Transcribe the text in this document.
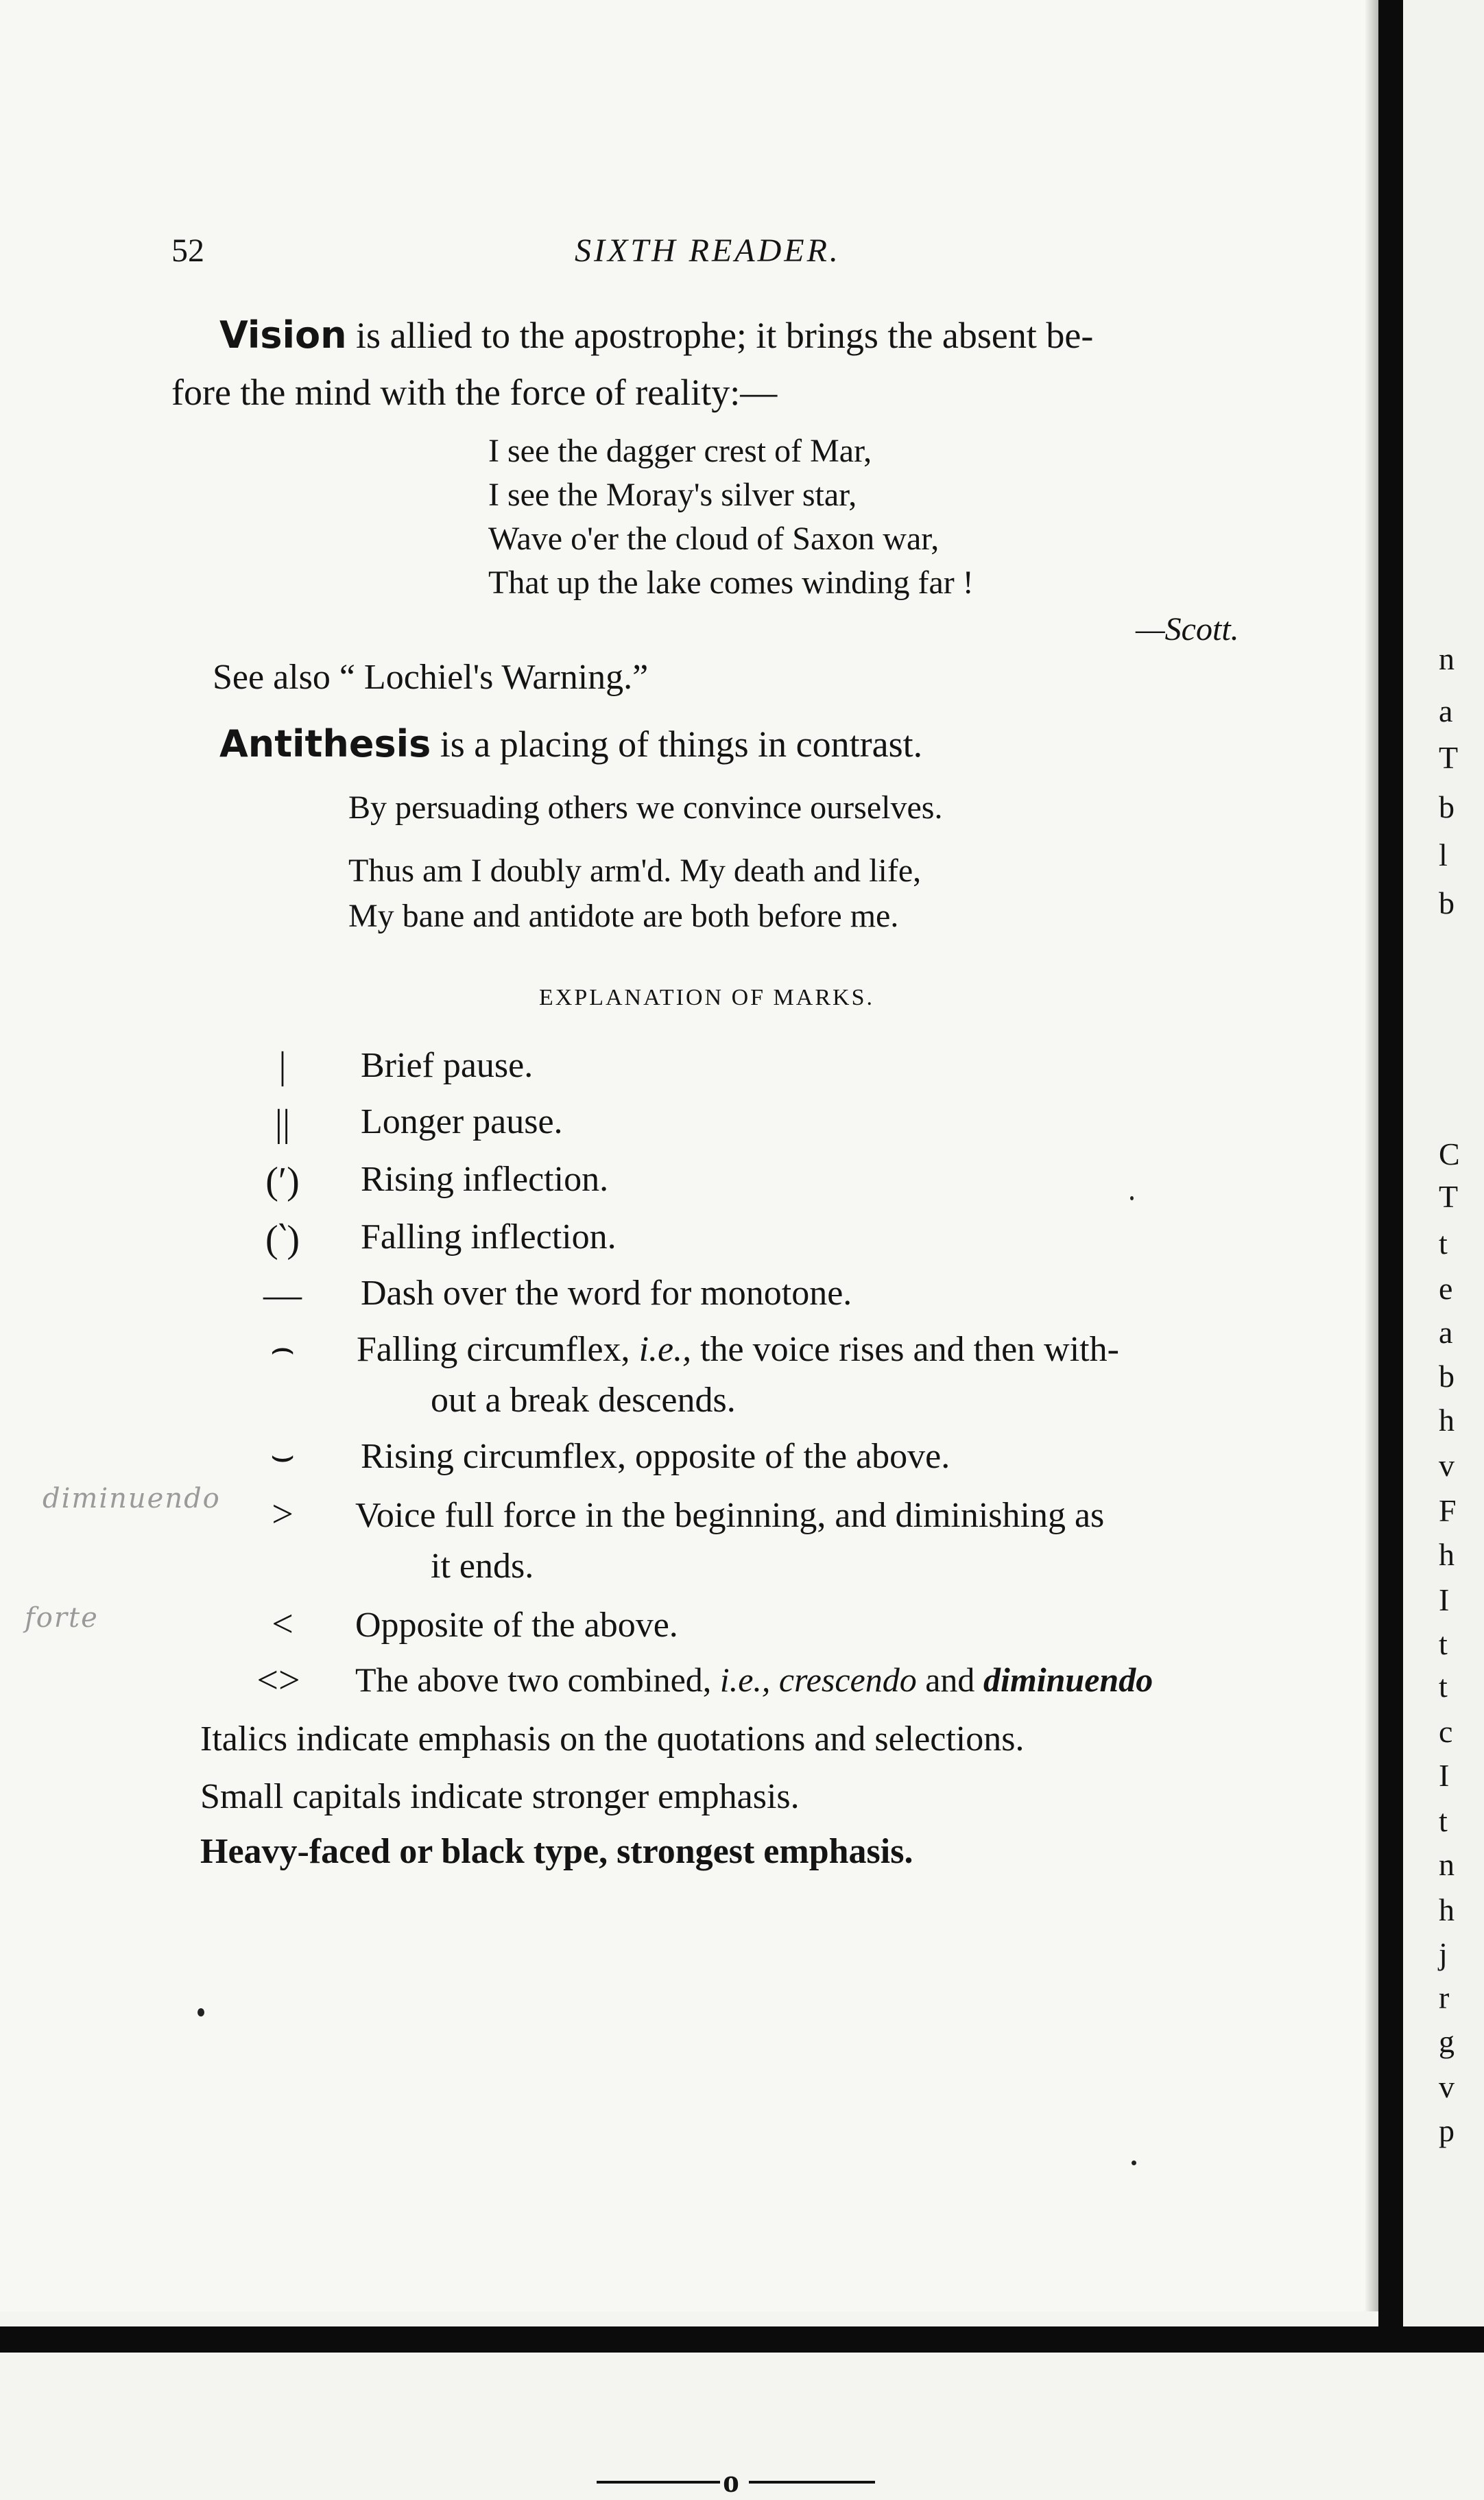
52	SIXTH READER.
Vision is allied to the apostrophe; it brings the absent be-
fore the mind with the force of reality:—
I see the dagger crest of Mar,
I see the Moray's silver star,
Wave o'er the cloud of Saxon war,
That up the lake comes winding far !
—Scott.
See also “ Lochiel's Warning.”
Antithesis is a placing of things in contrast.
By persuading others we convince ourselves.
Thus am I doubly arm'd. My death and life,
My bane and antidote are both before me.
EXPLANATION OF MARKS.
|	Brief pause.
||	Longer pause.
(′)	Rising inflection.
(‵)	Falling inflection.
—	Dash over the word for monotone.
⌢	Falling circumflex, i.e., the voice rises and then with-
out a break descends.
⌣	Rising circumflex, opposite of the above.
>	Voice full force in the beginning, and diminishing as
it ends.
<	Opposite of the above.
<>	The above two combined, i.e., crescendo and diminuendo
diminuendo
forte
Italics indicate emphasis on the quotations and selections.
Small capitals indicate stronger emphasis.
Heavy-faced or black type, strongest emphasis.
o
n
a
T
b
l
b
C
T
t
e
a
b
h
v
F
h
I
t
t
c
I
t
n
h
j
r
g
v
p
